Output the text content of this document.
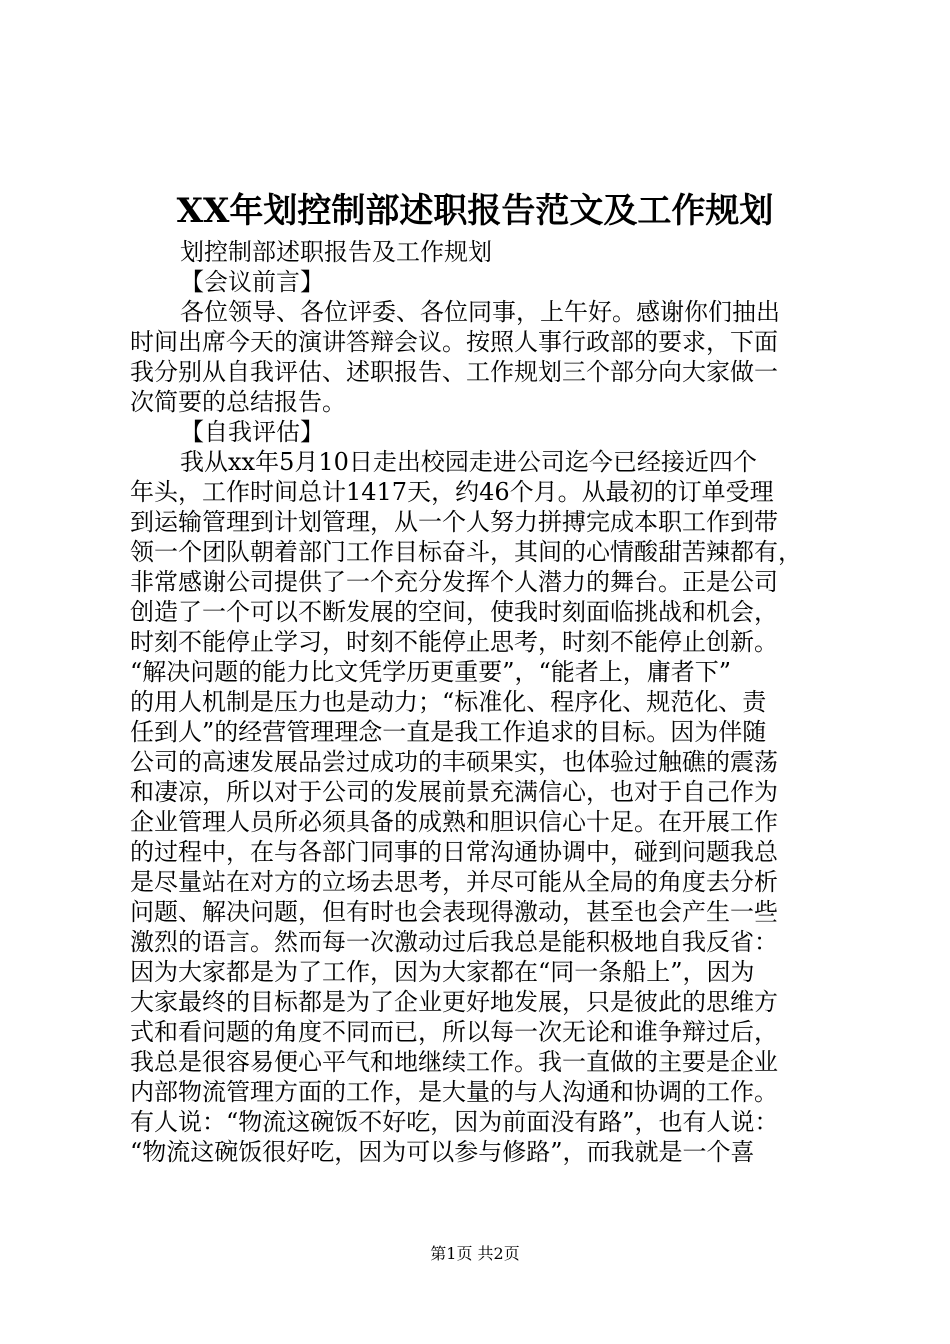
XX年划控制部述职报告范文及工作规划
划控制部述职报告及工作规划
【会议前言】
各位领导、各位评委、各位同事，上午好。感谢你们抽出
时间出席今天的演讲答辩会议。按照人事行政部的要求，下面
我分别从自我评估、述职报告、工作规划三个部分向大家做一
次简要的总结报告。
【自我评估】
我从xx年5月10日走出校园走进公司迄今已经接近四个
年头，工作时间总计1417天，约46个月。从最初的订单受理
到运输管理到计划管理，从一个人努力拼搏完成本职工作到带
领一个团队朝着部门工作目标奋斗，其间的心情酸甜苦辣都有，
非常感谢公司提供了一个充分发挥个人潜力的舞台。正是公司
创造了一个可以不断发展的空间，使我时刻面临挑战和机会，
时刻不能停止学习，时刻不能停止思考，时刻不能停止创新。
“解决问题的能力比文凭学历更重要”，“能者上，庸者下”
的用人机制是压力也是动力；“标准化、程序化、规范化、责
任到人”的经营管理理念一直是我工作追求的目标。因为伴随
公司的高速发展品尝过成功的丰硕果实，也体验过触礁的震荡
和凄凉，所以对于公司的发展前景充满信心，也对于自己作为
企业管理人员所必须具备的成熟和胆识信心十足。在开展工作
的过程中，在与各部门同事的日常沟通协调中，碰到问题我总
是尽量站在对方的立场去思考，并尽可能从全局的角度去分析
问题、解决问题，但有时也会表现得激动，甚至也会产生一些
激烈的语言。然而每一次激动过后我总是能积极地自我反省：
因为大家都是为了工作，因为大家都在“同一条船上”，因为
大家最终的目标都是为了企业更好地发展，只是彼此的思维方
式和看问题的角度不同而已，所以每一次无论和谁争辩过后，
我总是很容易便心平气和地继续工作。我一直做的主要是企业
内部物流管理方面的工作，是大量的与人沟通和协调的工作。
有人说：“物流这碗饭不好吃，因为前面没有路”，也有人说：
“物流这碗饭很好吃，因为可以参与修路”，而我就是一个喜
第1页 共2页
